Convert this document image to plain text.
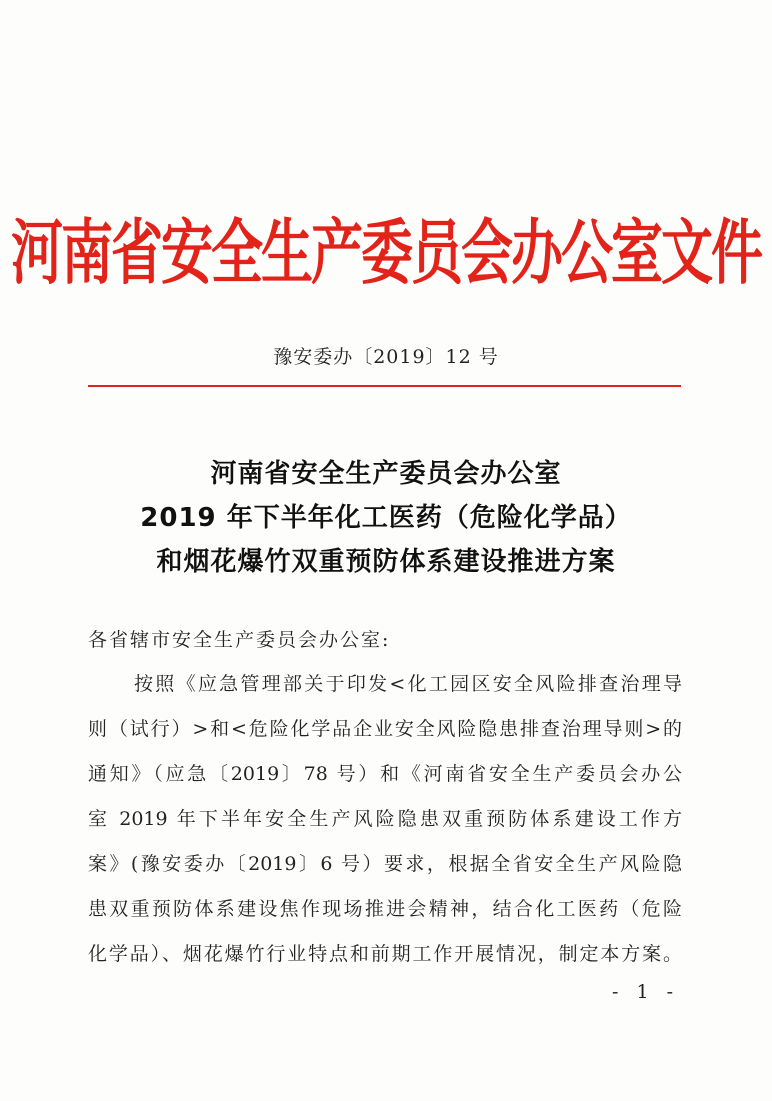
河南省安全生产委员会办公室文件
豫安委办〔2019〕12 号
河南省安全生产委员会办公室
2019 年下半年化工医药（危险化学品）
和烟花爆竹双重预防体系建设推进方案
各省辖市安全生产委员会办公室:
按照《应急管理部关于印发<化工园区安全风险排查治理导
则（试行）>和<危险化学品企业安全风险隐患排查治理导则>的
通知》（应急〔2019〕78 号）和《河南省安全生产委员会办公
室 2019 年下半年安全生产风险隐患双重预防体系建设工作方
案》(豫安委办〔2019〕6 号）要求，根据全省安全生产风险隐
患双重预防体系建设焦作现场推进会精神，结合化工医药（危险
化学品）、烟花爆竹行业特点和前期工作开展情况，制定本方案。
- 1 -
